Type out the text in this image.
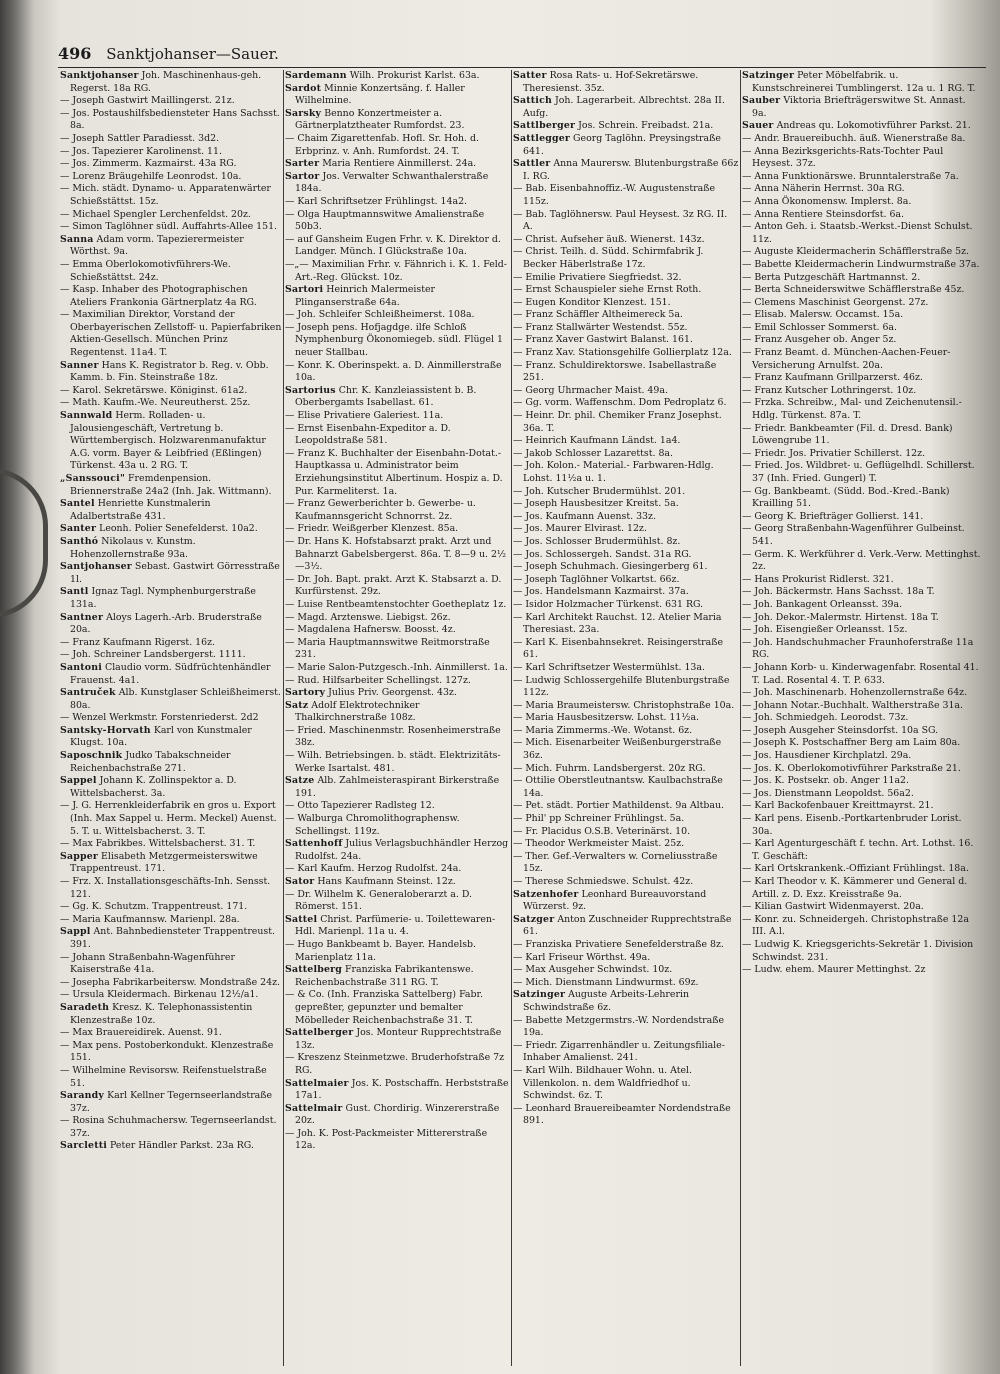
496 Sanktjohanser—Sauer.

Sanktjohanser Joh. Maschinenhaus-geh. Regerst. 18a RG.

— Joseph Gastwirt Maillingerst. 21z.

— Jos. Postaushilfsbediensteter Hans Sachsst. 8a.

— Joseph Sattler Paradiesst. 3d2.

— Jos. Tapezierer Karolinenst. 11.

— Jos. Zimmerm. Kazmairst. 43a RG.

— Lorenz Bräugehilfe Leonrodst. 10a.

— Mich. städt. Dynamo- u. Apparatenwärter Schießstättst. 15z.

— Michael Spengler Lerchenfeldst. 20z.

— Simon Taglöhner südl. Auffahrts-Allee 151.

Sanna Adam vorm. Tapezierermeister Wörthst. 9a.

— Emma Oberlokomotivführers-We. Schießstättst. 24z.

— Kasp. Inhaber des Photographischen Ateliers Frankonia Gärtnerplatz 4a RG.

— Maximilian Direktor, Vorstand der Oberbayerischen Zellstoff- u. Papierfabriken Aktien-Gesellsch. München Prinz Regentenst. 11a4. T.

Sanner Hans K. Registrator b. Reg. v. Obb. Kamm. b. Fin. Steinstraße 18z.

— Karol. Sekretärswe. Königinst. 61a2.

— Math. Kaufm.-We. Neureutherst. 25z.

Sannwald Herm. Rolladen- u. Jalousiengeschäft, Vertretung b. Württembergisch. Holzwarenmanufaktur A.G. vorm. Bayer & Leibfried (Eßlingen) Türkenst. 43a u. 2 RG. T.

„Sanssouci" Fremdenpension. Briennerstraße 24a2 (Inh. Jak. Wittmann).

Santel Henriette Kunstmalerin Adalbertstraße 431.

Santer Leonh. Polier Senefelderst. 10a2.

Santhó Nikolaus v. Kunstm. Hohenzollernstraße 93a.

Santjohanser Sebast. Gastwirt Görresstraße 1l.

Santl Ignaz Tagl. Nymphenburgerstraße 131a.

Santner Aloys Lagerh.-Arb. Bruderstraße 20a.

— Franz Kaufmann Rigerst. 16z.

— Joh. Schreiner Landsbergerst. 1111.

Santoni Claudio vorm. Südfrüchtenhändler Frauenst. 4a1.

Santruček Alb. Kunstglaser Schleißheimerst. 80a.

— Wenzel Werkmstr. Forstenriederst. 2d2

Santsky-Horvath Karl von Kunstmaler Klugst. 10a.

Saposchnik Judko Tabakschneider Reichenbachstraße 271.

Sappel Johann K. Zollinspektor a. D. Wittelsbacherst. 3a.

— J. G. Herrenkleiderfabrik en gros u. Export (Inh. Max Sappel u. Herm. Meckel) Auenst. 5. T. u. Wittelsbacherst. 3. T.

— Max Fabrikbes. Wittelsbacherst. 31. T.

Sapper Elisabeth Metzgermeisterswitwe Trappentreust. 171.

— Frz. X. Installationsgeschäfts-Inh. Sensst. 121.

— Gg. K. Schutzm. Trappentreust. 171.

— Maria Kaufmannsw. Marienpl. 28a.

Sappl Ant. Bahnbediensteter Trappentreust. 391.

— Johann Straßenbahn-Wagenführer Kaiserstraße 41a.

— Josepha Fabrikarbeitersw. Mondstraße 24z.

— Ursula Kleidermach. Birkenau 12½/a1.

Saradeth Kresz. K. Telephonassistentin Klenzestraße 10z.

— Max Brauereidirek. Auenst. 91.

— Max pens. Postoberkondukt. Klenzestraße 151.

— Wilhelmine Revisorsw. Reifenstuelstraße 51.

Sarandy Karl Kellner Tegernseerlandstraße 37z.

— Rosina Schuhmachersw. Tegernseerlandst. 37z.

Sarcletti Peter Händler Parkst. 23a RG.

Sardemann Wilh. Prokurist Karlst. 63a.

Sardot Minnie Konzertsäng. f. Haller Wilhelmine.

Sarsky Benno Konzertmeister a. Gärtnerplatztheater Rumfordst. 23.

— Chaim Zigarettenfab. Hofl. Sr. Hoh. d. Erbprinz. v. Anh. Rumfordst. 24. T.

Sarter Maria Rentiere Ainmillerst. 24a.

Sartor Jos. Verwalter Schwanthalerstraße 184a.

— Karl Schriftsetzer Frühlingst. 14a2.

— Olga Hauptmannswitwe Amalienstraße 50b3.

— auf Gansheim Eugen Frhr. v. K. Direktor d. Landger. Münch. I Glückstraße 10a.

—„— Maximilian Frhr. v. Fähnrich i. K. 1. Feld-Art.-Reg. Glückst. 10z.

Sartori Heinrich Malermeister Plinganserstraße 64a.

— Joh. Schleifer Schleißheimerst. 108a.

— Joseph pens. Hofjagdge. ilfe Schloß Nymphenburg Ökonomiegeb. südl. Flügel 1 neuer Stallbau.

— Konr. K. Oberinspekt. a. D. Ainmillerstraße 10a.

Sartorius Chr. K. Kanzleiassistent b. B. Oberbergamts Isabellast. 61.

— Elise Privatiere Galeriest. 11a.

— Ernst Eisenbahn-Expeditor a. D. Leopoldstraße 581.

— Franz K. Buchhalter der Eisenbahn-Dotat.-Hauptkassa u. Administrator beim Erziehungsinstitut Albertinum. Hospiz a. D. Pur. Karmeliterst. 1a.

— Franz Gewerberichter b. Gewerbe- u. Kaufmannsgericht Schnorrst. 2z.

— Friedr. Weißgerber Klenzest. 85a.

— Dr. Hans K. Hofstabsarzt prakt. Arzt und Bahnarzt Gabelsbergerst. 86a. T. 8—9 u. 2½—3½.

— Dr. Joh. Bapt. prakt. Arzt K. Stabsarzt a. D. Kurfürstenst. 29z.

— Luise Rentbeamtenstochter Goetheplatz 1z.

— Magd. Arztenswe. Liebigst. 26z.

— Magdalena Hafnersw. Boosst. 4z.

— Maria Hauptmannswitwe Reitmorstraße 231.

— Marie Salon-Putzgesch.-Inh. Ainmillerst. 1a.

— Rud. Hilfsarbeiter Schellingst. 127z.

Sartory Julius Priv. Georgenst. 43z.

Satz Adolf Elektrotechniker Thalkirchnerstraße 108z.

— Fried. Maschinenmstr. Rosenheimerstraße 38z.

— Wilh. Betriebsingen. b. städt. Elektrizitäts-Werke Isartalst. 481.

Satze Alb. Zahlmeisteraspirant Birkerstraße 191.

— Otto Tapezierer Radlsteg 12.

— Walburga Chromolithographensw. Schellingst. 119z.

Sattenhoff Julius Verlagsbuchhändler Herzog Rudolfst. 24a.

— Karl Kaufm. Herzog Rudolfst. 24a.

Sator Hans Kaufmann Steinst. 12z.

— Dr. Wilhelm K. Generaloberarzt a. D. Römerst. 151.

Sattel Christ. Parfümerie- u. Toilettewaren-Hdl. Marienpl. 11a u. 4.

— Hugo Bankbeamt b. Bayer. Handelsb. Marienplatz 11a.

Sattelberg Franziska Fabrikantenswe. Reichenbachstraße 311 RG. T.

— & Co. (Inh. Franziska Sattelberg) Fabr. gepreßter, gepunzter und bemalter Möbelleder Reichenbachstraße 31. T.

Sattelberger Jos. Monteur Rupprechtstraße 13z.

— Kreszenz Steinmetzwe. Bruderhofstraße 7z RG.

Sattelmaier Jos. K. Postschaffn. Herbststraße 17a1.

Sattelmair Gust. Chordirig. Winzererstraße 20z.

— Joh. K. Post-Packmeister Mittererstraße 12a.

Satter Rosa Rats- u. Hof-Sekretärswe. Theresienst. 35z.

Sattich Joh. Lagerarbeit. Albrechtst. 28a II. Aufg.

Sattlberger Jos. Schrein. Freibadst. 21a.

Sattlegger Georg Taglöhn. Preysingstraße 641.

Sattler Anna Maurersw. Blutenburgstraße 66z I. RG.

— Bab. Eisenbahnoffiz.-W. Augustenstraße 115z.

— Bab. Taglöhnersw. Paul Heysest. 3z RG. II. A.

— Christ. Aufseher äuß. Wienerst. 143z.

— Christ. Teilh. d. Südd. Schirmfabrik J. Becker Häberlstraße 17z.

— Emilie Privatiere Siegfriedst. 32.

— Ernst Schauspieler siehe Ernst Roth.

— Eugen Konditor Klenzest. 151.

— Franz Schäffler Altheimereck 5a.

— Franz Stallwärter Westendst. 55z.

— Franz Xaver Gastwirt Balanst. 161.

— Franz Xav. Stationsgehilfe Gollierplatz 12a.

— Franz. Schuldirektorswe. Isabellastraße 251.

— Georg Uhrmacher Maist. 49a.

— Gg. vorm. Waffenschm. Dom Pedroplatz 6.

— Heinr. Dr. phil. Chemiker Franz Josephst. 36a. T.

— Heinrich Kaufmann Ländst. 1a4.

— Jakob Schlosser Lazarettst. 8a.

— Joh. Kolon.- Material.- Farbwaren-Hdlg. Lohst. 11½a u. 1.

— Joh. Kutscher Brudermühlst. 201.

— Joseph Hausbesitzer Kreitst. 5a.

— Jos. Kaufmann Auenst. 33z.

— Jos. Maurer Elvirast. 12z.

— Jos. Schlosser Brudermühlst. 8z.

— Jos. Schlossergeh. Sandst. 31a RG.

— Joseph Schuhmach. Giesingerberg 61.

— Joseph Taglöhner Volkartst. 66z.

— Jos. Handelsmann Kazmairst. 37a.

— Isidor Holzmacher Türkenst. 631 RG.

— Karl Architekt Rauchst. 12. Atelier Maria Theresiast. 23a.

— Karl K. Eisenbahnsekret. Reisingerstraße 61.

— Karl Schriftsetzer Westermühlst. 13a.

— Ludwig Schlossergehilfe Blutenburgstraße 112z.

— Maria Braumeistersw. Christophstraße 10a.

— Maria Hausbesitzersw. Lohst. 11½a.

— Maria Zimmerms.-We. Wotanst. 6z.

— Mich. Eisenarbeiter Weißenburgerstraße 36z.

— Mich. Fuhrm. Landsbergerst. 20z RG.

— Ottilie Oberstleutnantsw. Kaulbachstraße 14a.

— Pet. städt. Portier Mathildenst. 9a Altbau.

— Phil' pp Schreiner Frühlingst. 5a.

— Fr. Placidus O.S.B. Veterinärst. 10.

— Theodor Werkmeister Maist. 25z.

— Ther. Gef.-Verwalters w. Corneliusstraße 15z.

— Therese Schmiedswe. Schulst. 42z.

Satzenhofer Leonhard Bureauvorstand Würzerst. 9z.

Satzger Anton Zuschneider Rupprechtstraße 61.

— Franziska Privatiere Senefelderstraße 8z.

— Karl Friseur Wörthst. 49a.

— Max Ausgeher Schwindst. 10z.

— Mich. Dienstmann Lindwurmst. 69z.

Satzinger Auguste Arbeits-Lehrerin Schwindstraße 6z.

— Babette Metzgermstrs.-W. Nordendstraße 19a.

— Friedr. Zigarrenhändler u. Zeitungsfiliale-Inhaber Amalienst. 241.

— Karl Wilh. Bildhauer Wohn. u. Atel. Villenkolon. n. dem Waldfriedhof u. Schwindst. 6z. T.

— Leonhard Brauereibeamter Nordendstraße 891.

Satzinger Peter Möbelfabrik. u. Kunstschreinerei Tumblingerst. 12a u. 1 RG. T.

Sauber Viktoria Briefträgerswitwe St. Annast. 9a.

Sauer Andreas qu. Lokomotivführer Parkst. 21.

— Andr. Brauereibuchh. äuß. Wienerstraße 8a.

— Anna Bezirksgerichts-Rats-Tochter Paul Heysest. 37z.

— Anna Funktionärswe. Brunntalerstraße 7a.

— Anna Näherin Herrnst. 30a RG.

— Anna Ökonomensw. Implerst. 8a.

— Anna Rentiere Steinsdorfst. 6a.

— Anton Geh. i. Staatsb.-Werkst.-Dienst Schulst. 11z.

— Auguste Kleidermacherin Schäfflerstraße 5z.

— Babette Kleidermacherin Lindwurmstraße 37a.

— Berta Putzgeschäft Hartmannst. 2.

— Berta Schneiderswitwe Schäfflerstraße 45z.

— Clemens Maschinist Georgenst. 27z.

— Elisab. Malersw. Occamst. 15a.

— Emil Schlosser Sommerst. 6a.

— Franz Ausgeher ob. Anger 5z.

— Franz Beamt. d. München-Aachen-Feuer-Versicherung Arnulfst. 20a.

— Franz Kaufmann Grillparzerst. 46z.

— Franz Kutscher Lothringerst. 10z.

— Frzka. Schreibw., Mal- und Zeichenutensil.-Hdlg. Türkenst. 87a. T.

— Friedr. Bankbeamter (Fil. d. Dresd. Bank) Löwengrube 11.

— Friedr. Jos. Privatier Schillerst. 12z.

— Fried. Jos. Wildbret- u. Geflügelhdl. Schillerst. 37 (Inh. Fried. Gungerl) T.

— Gg. Bankbeamt. (Südd. Bod.-Kred.-Bank) Krailling 51.

— Georg K. Briefträger Gollierst. 141.

— Georg Straßenbahn-Wagenführer Gulbeinst. 541.

— Germ. K. Werkführer d. Verk.-Verw. Mettinghst. 2z.

— Hans Prokurist Ridlerst. 321.

— Joh. Bäckermstr. Hans Sachsst. 18a T.

— Joh. Bankagent Orleansst. 39a.

— Joh. Dekor.-Malermstr. Hirtenst. 18a T.

— Joh. Eisengießer Orleansst. 15z.

— Joh. Handschuhmacher Fraunhoferstraße 11a RG.

— Johann Korb- u. Kinderwagenfabr. Rosental 41. T. Lad. Rosental 4. T. P. 633.

— Joh. Maschinenarb. Hohenzollernstraße 64z.

— Johann Notar.-Buchhalt. Waltherstraße 31a.

— Joh. Schmiedgeh. Leorodst. 73z.

— Joseph Ausgeher Steinsdorfst. 10a SG.

— Joseph K. Postschaffner Berg am Laim 80a.

— Jos. Hausdiener Kirchplatzl. 29a.

— Jos. K. Oberlokomotivführer Parkstraße 21.

— Jos. K. Postsekr. ob. Anger 11a2.

— Jos. Dienstmann Leopoldst. 56a2.

— Karl Backofenbauer Kreittmayrst. 21.

— Karl pens. Eisenb.-Portkartenbruder Lorist. 30a.

— Karl Agenturgeschäft f. techn. Art. Lothst. 16. T. Geschäft:

— Karl Ortskrankenk.-Offiziant Frühlingst. 18a.

— Karl Theodor v. K. Kämmerer und General d. Artill. z. D. Exz. Kreisstraße 9a.

— Kilian Gastwirt Widenmayerst. 20a.

— Konr. zu. Schneidergeh. Christophstraße 12a III. A.l.

— Ludwig K. Kriegsgerichts-Sekretär 1. Division Schwindst. 231.

— Ludw. ehem. Maurer Mettinghst. 2z
